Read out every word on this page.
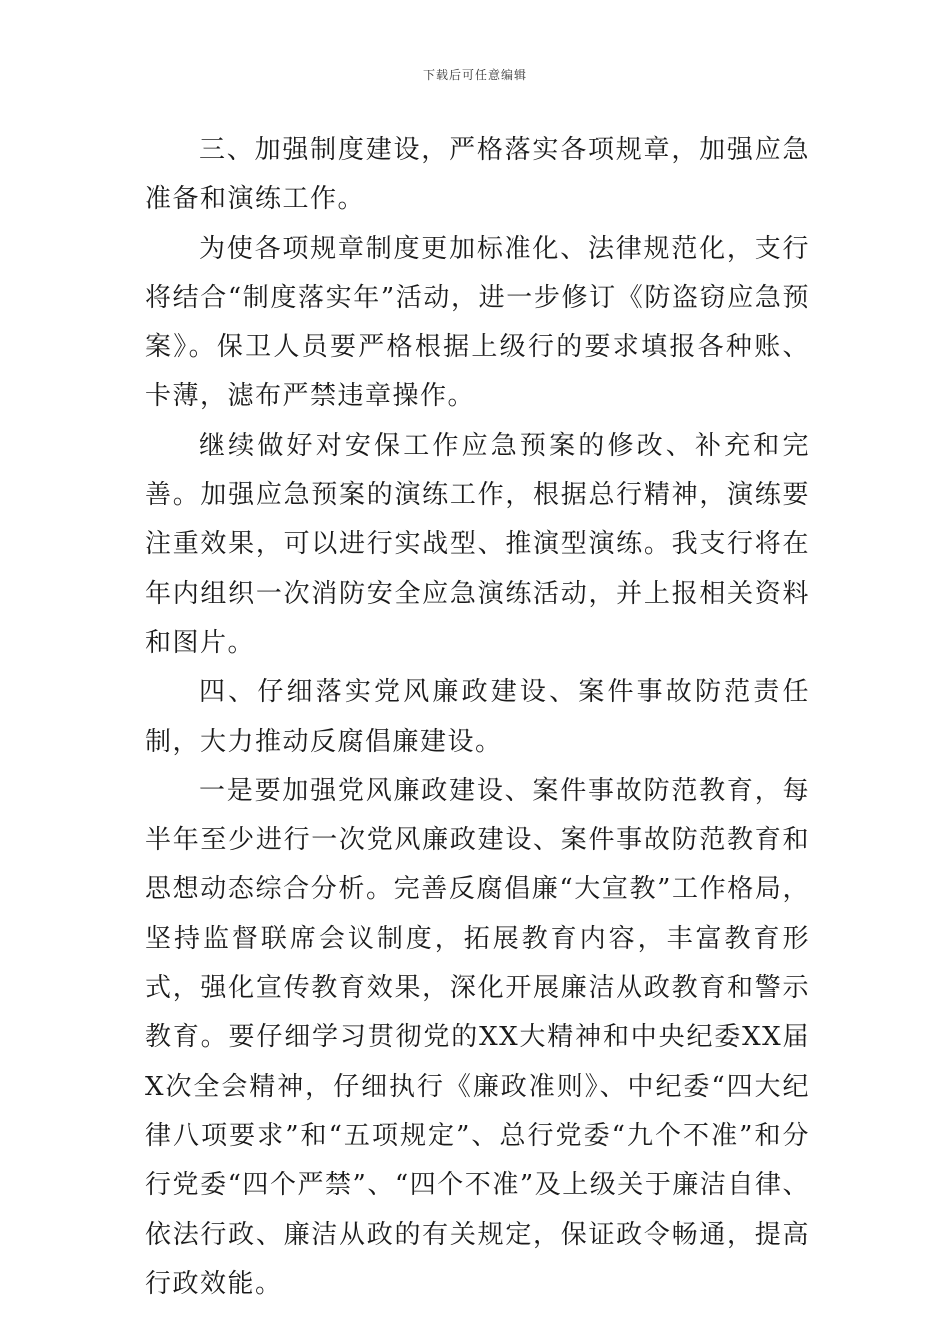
下载后可任意编辑

三、加强制度建设，严格落实各项规章，加强应急准备和演练工作。

为使各项规章制度更加标准化、法律规范化，支行将结合“制度落实年”活动，进一步修订《防盗窃应急预案》。保卫人员要严格根据上级行的要求填报各种账、卡薄，滤布严禁违章操作。

继续做好对安保工作应急预案的修改、补充和完善。加强应急预案的演练工作，根据总行精神，演练要注重效果，可以进行实战型、推演型演练。我支行将在年内组织一次消防安全应急演练活动，并上报相关资料和图片。

四、仔细落实党风廉政建设、案件事故防范责任制，大力推动反腐倡廉建设。

一是要加强党风廉政建设、案件事故防范教育，每半年至少进行一次党风廉政建设、案件事故防范教育和思想动态综合分析。完善反腐倡廉“大宣教”工作格局，坚持监督联席会议制度，拓展教育内容，丰富教育形式，强化宣传教育效果，深化开展廉洁从政教育和警示教育。要仔细学习贯彻党的XX大精神和中央纪委XX届X次全会精神，仔细执行《廉政准则》、中纪委“四大纪律八项要求”和“五项规定”、总行党委“九个不准”和分行党委“四个严禁”、“四个不准”及上级关于廉洁自律、依法行政、廉洁从政的有关规定，保证政令畅通，提高行政效能。
